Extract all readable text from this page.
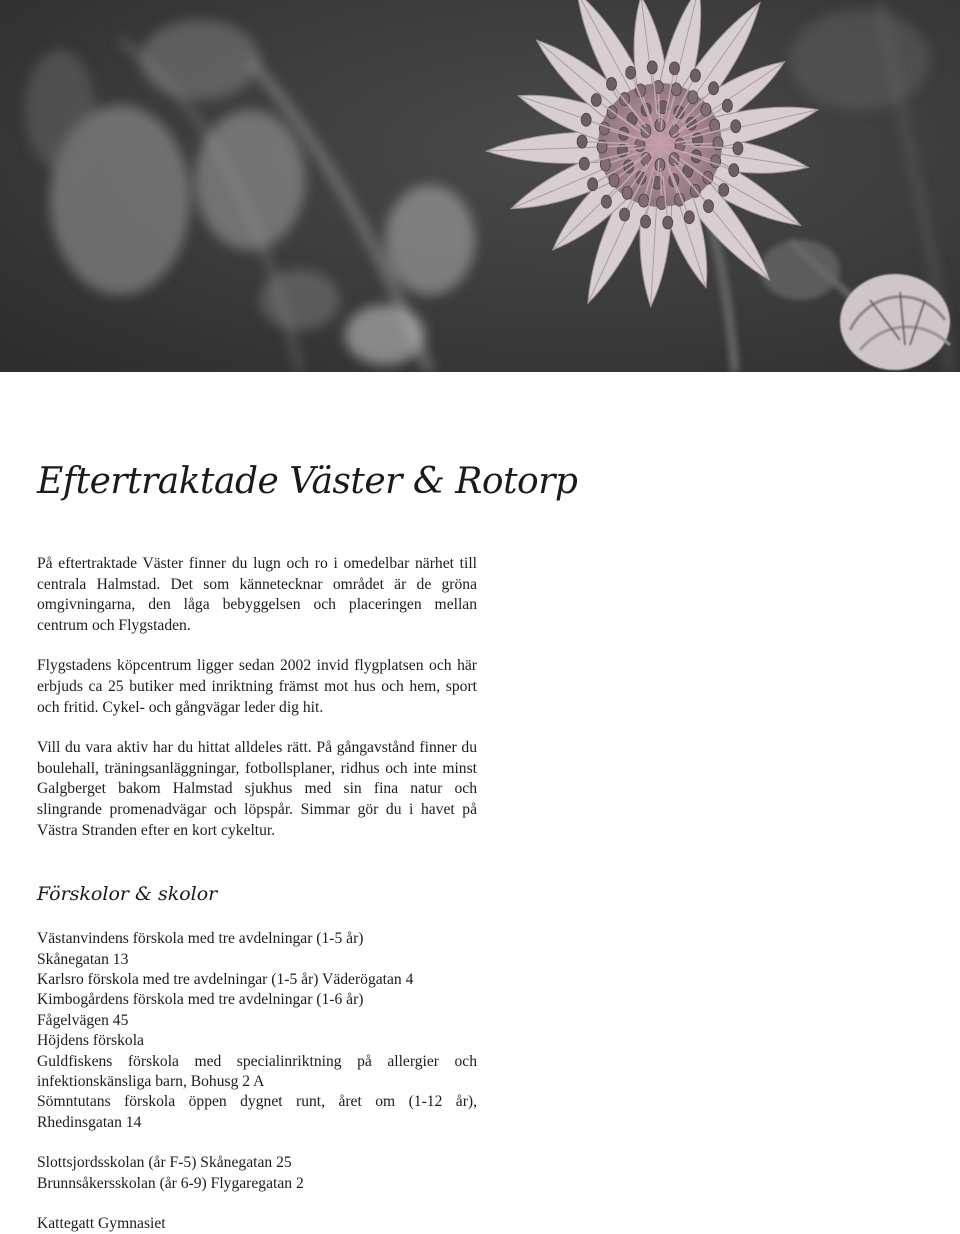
Eftertraktade Väster & Rotorp

På eftertraktade Väster finner du lugn och ro i omedelbar närhet till centrala Halmstad. Det som kännetecknar området är de gröna omgivningarna, den låga bebyggelsen och placeringen mellan centrum och Flygstaden.

Flygstadens köpcentrum ligger sedan 2002 invid flygplatsen och här erbjuds ca 25 butiker med inriktning främst mot hus och hem, sport och fritid. Cykel- och gångvägar leder dig hit.

Vill du vara aktiv har du hittat alldeles rätt. På gångavstånd finner du boulehall, träningsanläggningar, fotbollsplaner, ridhus och inte minst Galgberget bakom Halmstad sjukhus med sin fina natur och slingrande promenadvägar och löpspår. Simmar gör du i havet på Västra Stranden efter en kort cykeltur.

Förskolor & skolor
Västanvindens förskola med tre avdelningar (1-5 år)
Skånegatan 13
Karlsro förskola med tre avdelningar (1-5 år) Väderögatan 4
Kimbogårdens förskola med tre avdelningar (1-6 år)
Fågelvägen 45
Höjdens förskola
Guldfiskens förskola med specialinriktning på allergier och infektionskänsliga barn, Bohusg 2 A
Sömntutans förskola öppen dygnet runt, året om (1-12 år), Rhedinsgatan 14
Slottsjordsskolan (år F-5) Skånegatan 25
Brunnsåkersskolan (år 6-9) Flygaregatan 2
Kattegatt Gymnasiet
